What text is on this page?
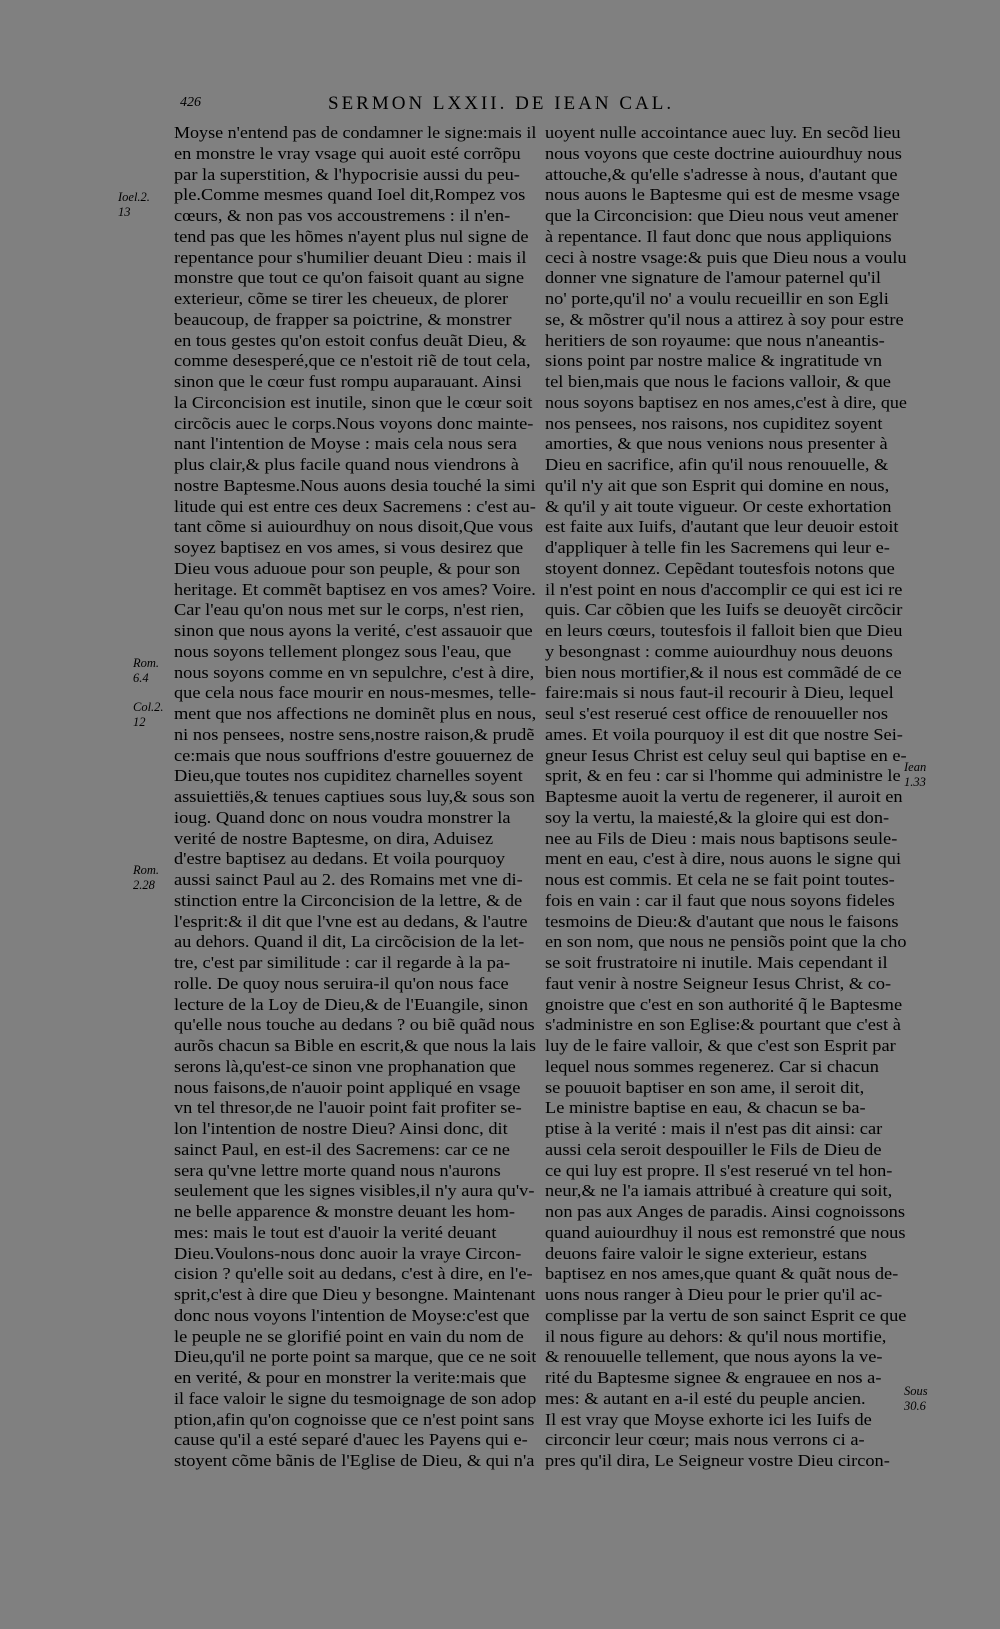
426	SERMON LXXII. DE IEAN CAL.
Ioel.2.
13
Rom.
6.4
Col.2.
12
Rom.
2.28
Iean
1.33
Sous
30.6
Moyse n'entend pas de condamner le signe:mais il
en monstre le vray vsage qui auoit esté corrõpu
par la superstition, & l'hypocrisie aussi du peu-
ple.Comme mesmes quand Ioel dit,Rompez vos
cœurs, & non pas vos accoustremens : il n'en-
tend pas que les hõmes n'ayent plus nul signe de
repentance pour s'humilier deuant Dieu : mais il
monstre que tout ce qu'on faisoit quant au signe
exterieur, cõme se tirer les cheueux, de plorer
beaucoup, de frapper sa poictrine, & monstrer
en tous gestes qu'on estoit confus deuãt Dieu, &
comme desesperé,que ce n'estoit riẽ de tout cela,
sinon que le cœur fust rompu auparauant. Ainsi
la Circoncision est inutile, sinon que le cœur soit
circõcis auec le corps.Nous voyons donc mainte-
nant l'intention de Moyse : mais cela nous sera
plus clair,& plus facile quand nous viendrons à
nostre Baptesme.Nous auons desia touché la simi
litude qui est entre ces deux Sacremens : c'est au-
tant cõme si auiourdhuy on nous disoit,Que vous
soyez baptisez en vos ames, si vous desirez que
Dieu vous aduoue pour son peuple, & pour son
heritage. Et commẽt baptisez en vos ames? Voire.
Car l'eau qu'on nous met sur le corps, n'est rien,
sinon que nous ayons la verité, c'est assauoir que
nous soyons tellement plongez sous l'eau, que
nous soyons comme en vn sepulchre, c'est à dire,
que cela nous face mourir en nous-mesmes, telle-
ment que nos affections ne dominẽt plus en nous,
ni nos pensees, nostre sens,nostre raison,& prudẽ
ce:mais que nous souffrions d'estre gouuernez de
Dieu,que toutes nos cupiditez charnelles soyent
assuiettiës,& tenues captiues sous luy,& sous son
ioug. Quand donc on nous voudra monstrer la
verité de nostre Baptesme, on dira, Aduisez
d'estre baptisez au dedans. Et voila pourquoy
aussi sainct Paul au 2. des Romains met vne di-
stinction entre la Circoncision de la lettre, & de
l'esprit:& il dit que l'vne est au dedans, & l'autre
au dehors. Quand il dit, La circõcision de la let-
tre, c'est par similitude : car il regarde à la pa-
rolle. De quoy nous seruira-il qu'on nous face
lecture de la Loy de Dieu,& de l'Euangile, sinon
qu'elle nous touche au dedans ? ou biẽ quãd nous
aurõs chacun sa Bible en escrit,& que nous la lais
serons là,qu'est-ce sinon vne prophanation que
nous faisons,de n'auoir point appliqué en vsage
vn tel thresor,de ne l'auoir point fait profiter se-
lon l'intention de nostre Dieu? Ainsi donc, dit
sainct Paul, en est-il des Sacremens: car ce ne
sera qu'vne lettre morte quand nous n'aurons
seulement que les signes visibles,il n'y aura qu'v-
ne belle apparence & monstre deuant les hom-
mes: mais le tout est d'auoir la verité deuant
Dieu.Voulons-nous donc auoir la vraye Circon-
cision ? qu'elle soit au dedans, c'est à dire, en l'e-
sprit,c'est à dire que Dieu y besongne. Maintenant
donc nous voyons l'intention de Moyse:c'est que
le peuple ne se glorifié point en vain du nom de
Dieu,qu'il ne porte point sa marque, que ce ne soit
en verité, & pour en monstrer la verite:mais que
il face valoir le signe du tesmoignage de son adop
ption,afin qu'on cognoisse que ce n'est point sans
cause qu'il a esté separé d'auec les Payens qui e-
stoyent cõme bãnis de l'Eglise de Dieu, & qui n'a
uoyent nulle accointance auec luy. En secõd lieu
nous voyons que ceste doctrine auiourdhuy nous
attouche,& qu'elle s'adresse à nous, d'autant que
nous auons le Baptesme qui est de mesme vsage
que la Circoncision: que Dieu nous veut amener
à repentance. Il faut donc que nous appliquions
ceci à nostre vsage:& puis que Dieu nous a voulu
donner vne signature de l'amour paternel qu'il
no' porte,qu'il no' a voulu recueillir en son Egli
se, & mõstrer qu'il nous a attirez à soy pour estre
heritiers de son royaume: que nous n'aneantis-
sions point par nostre malice & ingratitude vn
tel bien,mais que nous le facions valloir, & que
nous soyons baptisez en nos ames,c'est à dire, que
nos pensees, nos raisons, nos cupiditez soyent
amorties, & que nous venions nous presenter à
Dieu en sacrifice, afin qu'il nous renouuelle, &
qu'il n'y ait que son Esprit qui domine en nous,
& qu'il y ait toute vigueur. Or ceste exhortation
est faite aux Iuifs, d'autant que leur deuoir estoit
d'appliquer à telle fin les Sacremens qui leur e-
stoyent donnez. Cepẽdant toutesfois notons que
il n'est point en nous d'accomplir ce qui est ici re
quis. Car cõbien que les Iuifs se deuoyẽt circõcir
en leurs cœurs, toutesfois il falloit bien que Dieu
y besongnast : comme auiourdhuy nous deuons
bien nous mortifier,& il nous est commãdé de ce
faire:mais si nous faut-il recourir à Dieu, lequel
seul s'est reserué cest office de renouueller nos
ames. Et voila pourquoy il est dit que nostre Sei-
gneur Iesus Christ est celuy seul qui baptise en e-
sprit, & en feu : car si l'homme qui administre le
Baptesme auoit la vertu de regenerer, il auroit en
soy la vertu, la maiesté,& la gloire qui est don-
nee au Fils de Dieu : mais nous baptisons seule-
ment en eau, c'est à dire, nous auons le signe qui
nous est commis. Et cela ne se fait point toutes-
fois en vain : car il faut que nous soyons fideles
tesmoins de Dieu:& d'autant que nous le faisons
en son nom, que nous ne pensiõs point que la cho
se soit frustratoire ni inutile. Mais cependant il
faut venir à nostre Seigneur Iesus Christ, & co-
gnoistre que c'est en son authorité q̃ le Baptesme
s'administre en son Eglise:& pourtant que c'est à
luy de le faire valloir, & que c'est son Esprit par
lequel nous sommes regenerez. Car si chacun
se pouuoit baptiser en son ame, il seroit dit,
Le ministre baptise en eau, & chacun se ba-
ptise à la verité : mais il n'est pas dit ainsi: car
aussi cela seroit despouiller le Fils de Dieu de
ce qui luy est propre. Il s'est reserué vn tel hon-
neur,& ne l'a iamais attribué à creature qui soit,
non pas aux Anges de paradis. Ainsi cognoissons
quand auiourdhuy il nous est remonstré que nous
deuons faire valoir le signe exterieur, estans
baptisez en nos ames,que quant & quãt nous de-
uons nous ranger à Dieu pour le prier qu'il ac-
complisse par la vertu de son sainct Esprit ce que
il nous figure au dehors: & qu'il nous mortifie,
& renouuelle tellement, que nous ayons la ve-
rité du Baptesme signee & engrauee en nos a-
mes: & autant en a-il esté du peuple ancien.
Il est vray que Moyse exhorte ici les Iuifs de
circoncir leur cœur; mais nous verrons ci a-
pres qu'il dira, Le Seigneur vostre Dieu circon-
